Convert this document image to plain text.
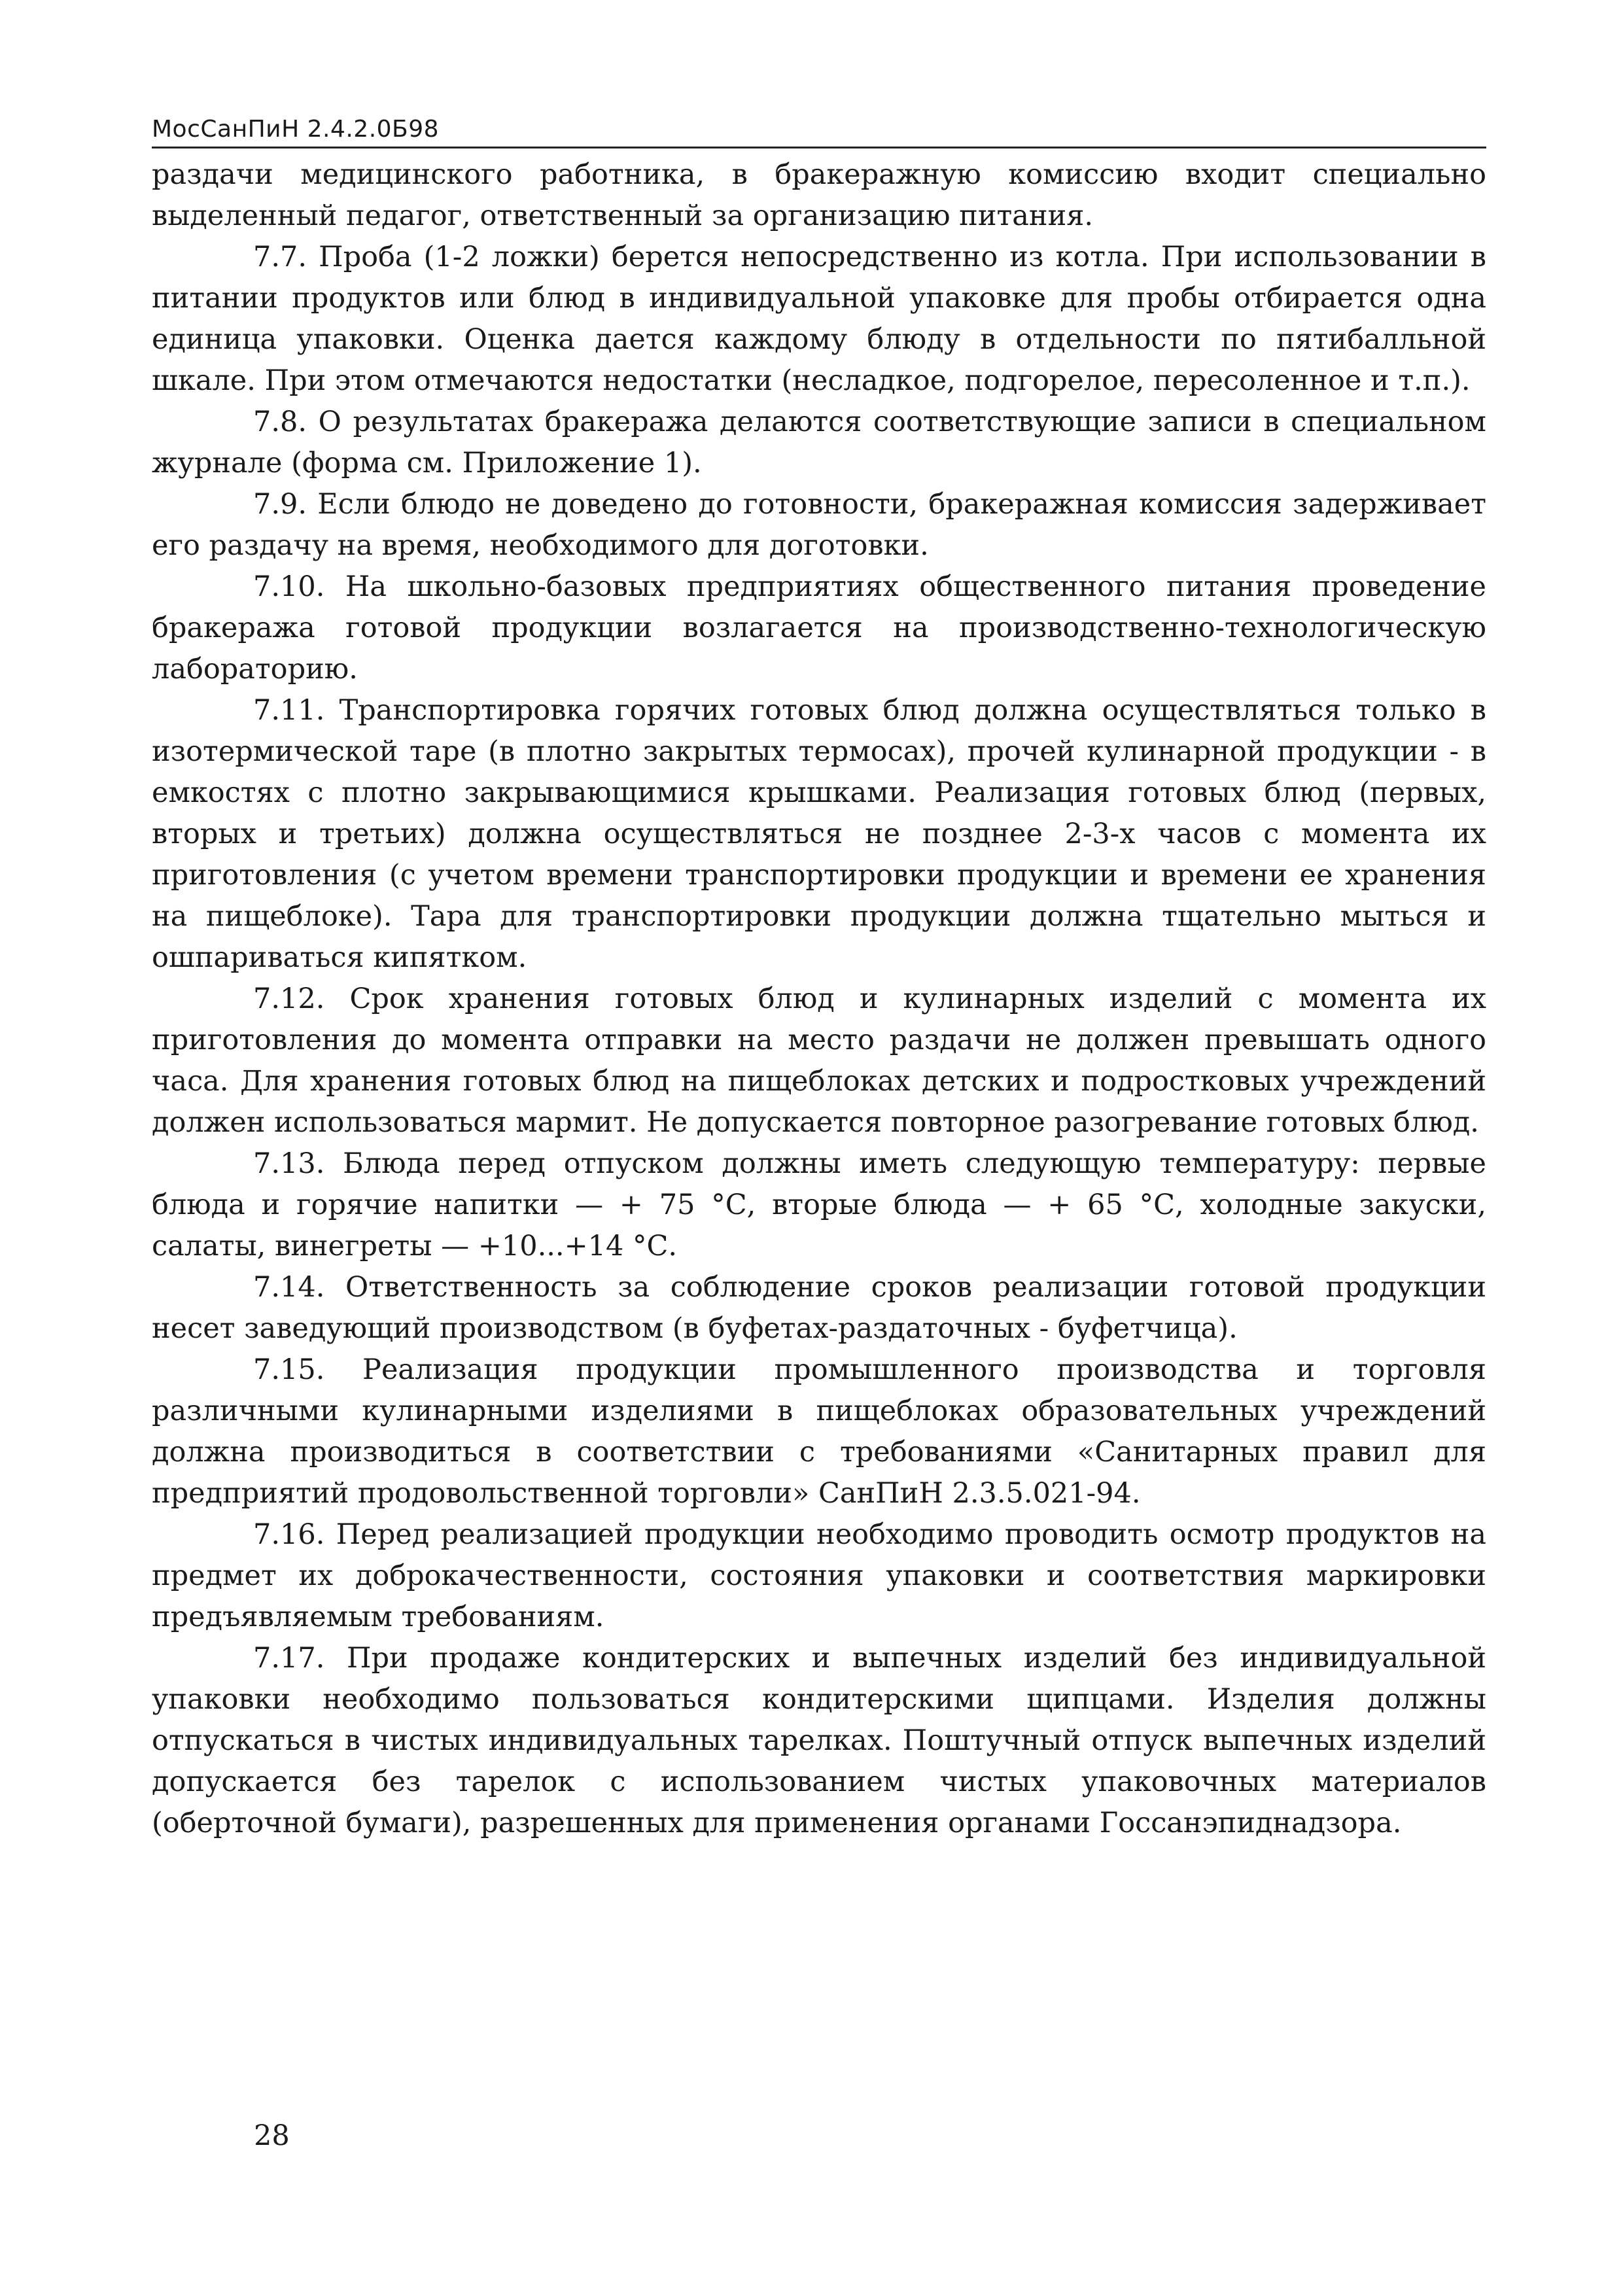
МосСанПиН 2.4.2.0Б98

раздачи медицинского работника, в бракеражную комиссию входит специально выделенный педагог, ответственный за организацию питания.

7.7. Проба (1-2 ложки) берется непосредственно из котла. При использовании в питании продуктов или блюд в индивидуальной упаковке для пробы отбирается одна единица упаковки. Оценка дается каждому блюду в отдельности по пятибалльной шкале. При этом отмечаются недостатки (несладкое, подгорелое, пересоленное и т.п.).

7.8. О результатах бракеража делаются соответствующие записи в специальном журнале (форма см. Приложение 1).

7.9. Если блюдо не доведено до готовности, бракеражная комиссия задерживает его раздачу на время, необходимого для доготовки.

7.10. На школьно-базовых предприятиях общественного питания проведение бракеража готовой продукции возлагается на производственно-технологическую лабораторию.

7.11. Транспортировка горячих готовых блюд должна осуществляться только в изотермической таре (в плотно закрытых термосах), прочей кулинарной продукции - в емкостях с плотно закрывающимися крышками. Реализация готовых блюд (первых, вторых и третьих) должна осуществляться не позднее 2-3-х часов с момента их приготовления (с учетом времени транспортировки продукции и времени ее хранения на пищеблоке). Тара для транспортировки продукции должна тщательно мыться и ошпариваться кипятком.

7.12. Срок хранения готовых блюд и кулинарных изделий с момента их приготовления до момента отправки на место раздачи не должен превышать одного часа. Для хранения готовых блюд на пищеблоках детских и подростковых учреждений должен использоваться мармит. Не допускается повторное разогревание готовых блюд.

7.13. Блюда перед отпуском должны иметь следующую температуру: первые блюда и горячие напитки — + 75 °С, вторые блюда — + 65 °С, холодные закуски, салаты, винегреты — +10...+14 °С.

7.14. Ответственность за соблюдение сроков реализации готовой продукции несет заведующий производством (в буфетах-раздаточных - буфетчица).

7.15. Реализация продукции промышленного производства и торговля различными кулинарными изделиями в пищеблоках образовательных учреждений должна производиться в соответствии с требованиями «Санитарных правил для предприятий продовольственной торговли» СанПиН 2.3.5.021-94.

7.16. Перед реализацией продукции необходимо проводить осмотр продуктов на предмет их доброкачественности, состояния упаковки и соответствия маркировки предъявляемым требованиям.

7.17. При продаже кондитерских и выпечных изделий без индивидуальной упаковки необходимо пользоваться кондитерскими щипцами. Изделия должны отпускаться в чистых индивидуальных тарелках. Поштучный отпуск выпечных изделий допускается без тарелок с использованием чистых упаковочных материалов (оберточной бумаги), разрешенных для применения органами Госсанэпиднадзора.

28
